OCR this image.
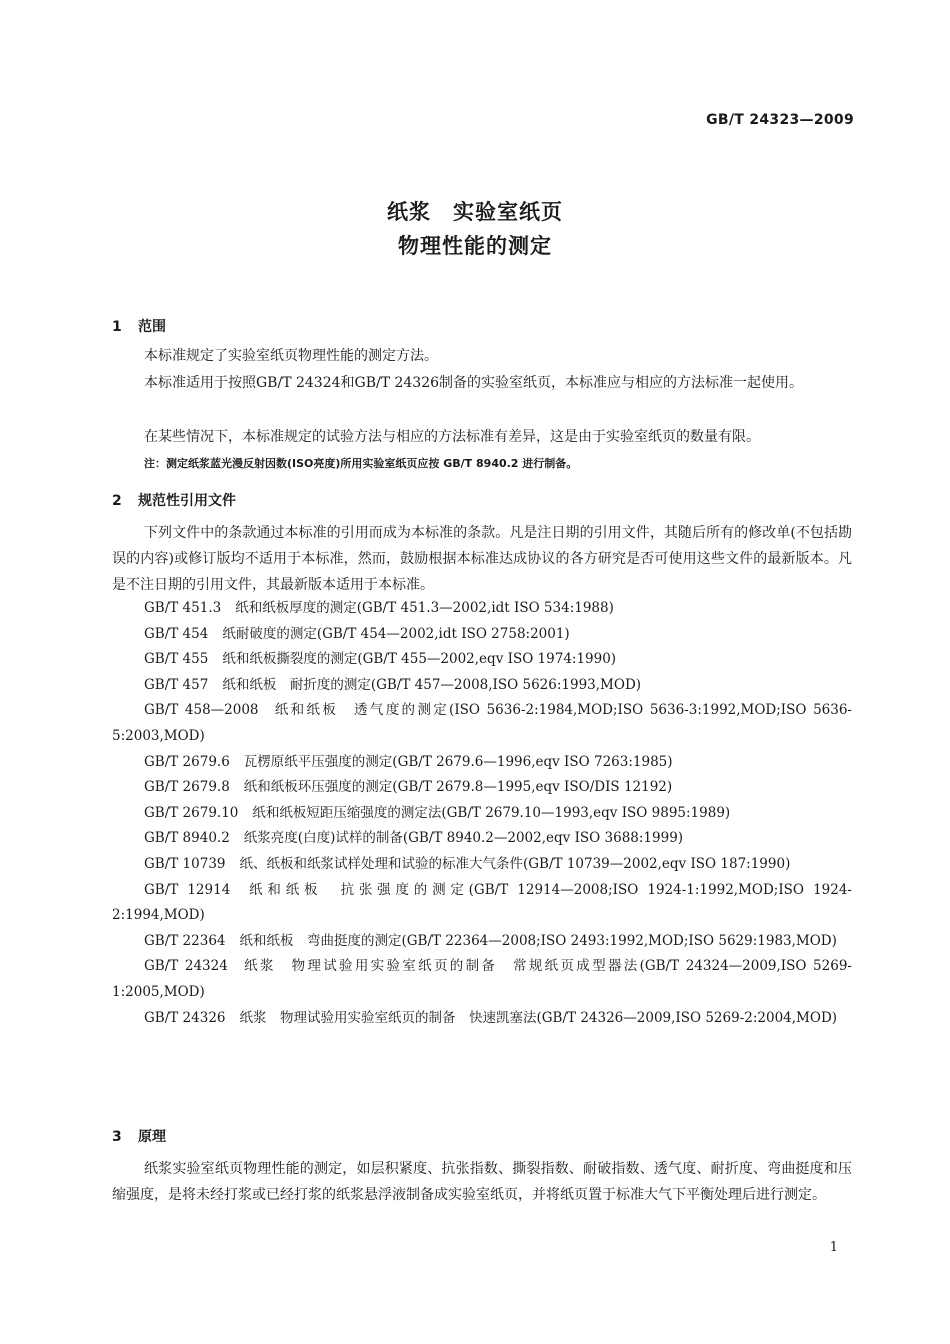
GB/T 24323—2009
纸浆 实验室纸页
物理性能的测定
1 范围

本标准规定了实验室纸页物理性能的测定方法。

本标准适用于按照GB/T 24324和GB/T 24326制备的实验室纸页，本标准应与相应的方法标准一起使用。

在某些情况下，本标准规定的试验方法与相应的方法标准有差异，这是由于实验室纸页的数量有限。

注：测定纸浆蓝光漫反射因数(ISO亮度)所用实验室纸页应按 GB/T 8940.2 进行制备。
2 规范性引用文件

下列文件中的条款通过本标准的引用而成为本标准的条款。凡是注日期的引用文件，其随后所有的修改单(不包括勘误的内容)或修订版均不适用于本标准，然而，鼓励根据本标准达成协议的各方研究是否可使用这些文件的最新版本。凡是不注日期的引用文件，其最新版本适用于本标准。

GB/T 451.3 纸和纸板厚度的测定(GB/T 451.3—2002,idt ISO 534:1988)
GB/T 454 纸耐破度的测定(GB/T 454—2002,idt ISO 2758:2001)
GB/T 455 纸和纸板撕裂度的测定(GB/T 455—2002,eqv ISO 1974:1990)
GB/T 457 纸和纸板　耐折度的测定(GB/T 457—2008,ISO 5626:1993,MOD)
GB/T 458—2008 纸和纸板　透气度的测定(ISO 5636-2:1984,MOD;ISO 5636-3:1992,MOD;ISO 5636-5:2003,MOD)
GB/T 2679.6 瓦楞原纸平压强度的测定(GB/T 2679.6—1996,eqv ISO 7263:1985)
GB/T 2679.8 纸和纸板环压强度的测定(GB/T 2679.8—1995,eqv ISO/DIS 12192)
GB/T 2679.10 纸和纸板短距压缩强度的测定法(GB/T 2679.10—1993,eqv ISO 9895:1989)
GB/T 8940.2 纸浆亮度(白度)试样的制备(GB/T 8940.2—2002,eqv ISO 3688:1999)
GB/T 10739 纸、纸板和纸浆试样处理和试验的标准大气条件(GB/T 10739—2002,eqv ISO 187:1990)
GB/T 12914 纸和纸板　抗张强度的测定(GB/T 12914—2008;ISO 1924-1:1992,MOD;ISO 1924-2:1994,MOD)
GB/T 22364 纸和纸板　弯曲挺度的测定(GB/T 22364—2008;ISO 2493:1992,MOD;ISO 5629:1983,MOD)
GB/T 24324 纸浆　物理试验用实验室纸页的制备　常规纸页成型器法(GB/T 24324—2009,ISO 5269-1:2005,MOD)
GB/T 24326 纸浆　物理试验用实验室纸页的制备　快速凯塞法(GB/T 24326—2009,ISO 5269-2:2004,MOD)
3 原理

纸浆实验室纸页物理性能的测定，如层积紧度、抗张指数、撕裂指数、耐破指数、透气度、耐折度、弯曲挺度和压缩强度，是将未经打浆或已经打浆的纸浆悬浮液制备成实验室纸页，并将纸页置于标准大气下平衡处理后进行测定。

1
